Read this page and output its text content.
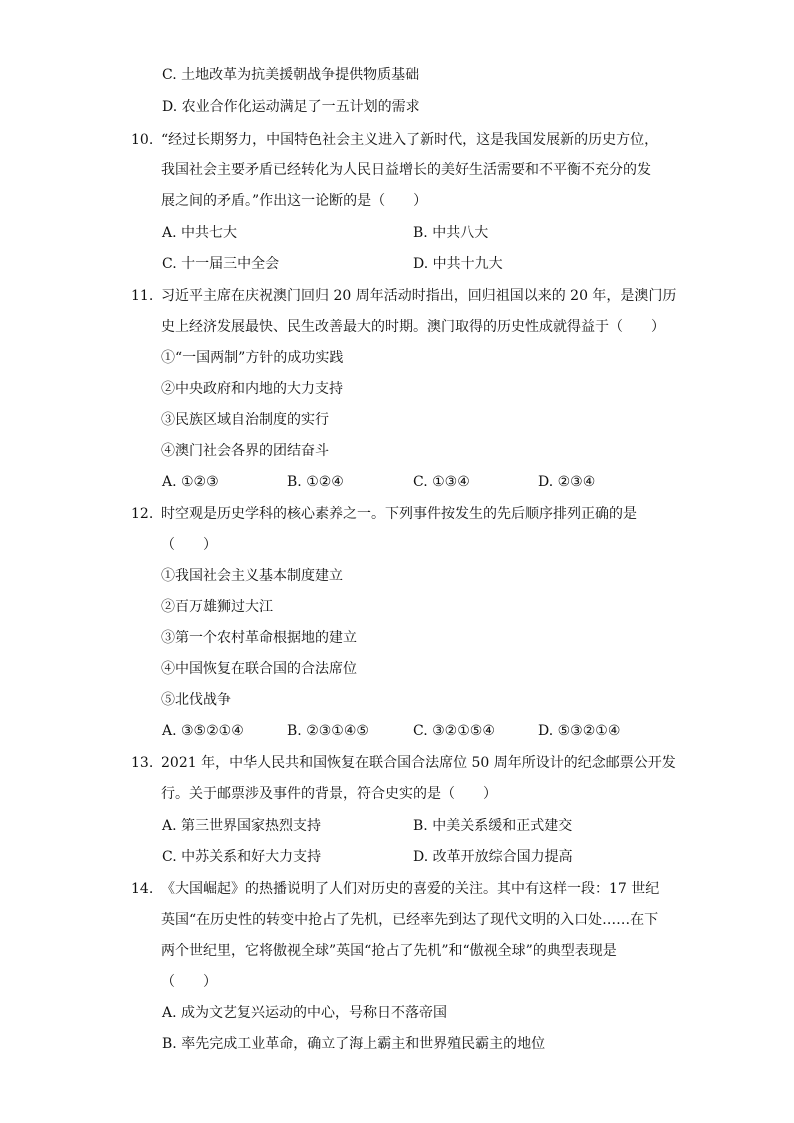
C. 土地改革为抗美援朝战争提供物质基础
D. 农业合作化运动满足了一五计划的需求
10. “经过长期努力，中国特色社会主义进入了新时代，这是我国发展新的历史方位，
我国社会主要矛盾已经转化为人民日益增长的美好生活需要和不平衡不充分的发
展之间的矛盾。”作出这一论断的是（　　）
A. 中共七大	B. 中共八大
C. 十一届三中全会	D. 中共十九大
11. 习近平主席在庆祝澳门回归 20 周年活动时指出，回归祖国以来的 20 年，是澳门历
史上经济发展最快、民生改善最大的时期。澳门取得的历史性成就得益于（　　）
①“一国两制”方针的成功实践
②中央政府和内地的大力支持
③民族区域自治制度的实行
④澳门社会各界的团结奋斗
A. ①②③	B. ①②④	C. ①③④	D. ②③④
12. 时空观是历史学科的核心素养之一。下列事件按发生的先后顺序排列正确的是
（　　）
①我国社会主义基本制度建立
②百万雄狮过大江
③第一个农村革命根据地的建立
④中国恢复在联合国的合法席位
⑤北伐战争
A. ③⑤②①④	B. ②③①④⑤	C. ③②①⑤④	D. ⑤③②①④
13. 2021 年，中华人民共和国恢复在联合国合法席位 50 周年所设计的纪念邮票公开发
行。关于邮票涉及事件的背景，符合史实的是（　　）
A. 第三世界国家热烈支持	B. 中美关系缓和正式建交
C. 中苏关系和好大力支持	D. 改革开放综合国力提高
14. 《大国崛起》的热播说明了人们对历史的喜爱的关注。其中有这样一段：17 世纪
英国“在历史性的转变中抢占了先机，已经率先到达了现代文明的入口处……在下
两个世纪里，它将傲视全球”英国“抢占了先机”和“傲视全球”的典型表现是
（　　）
A. 成为文艺复兴运动的中心，号称日不落帝国
B. 率先完成工业革命，确立了海上霸主和世界殖民霸主的地位
